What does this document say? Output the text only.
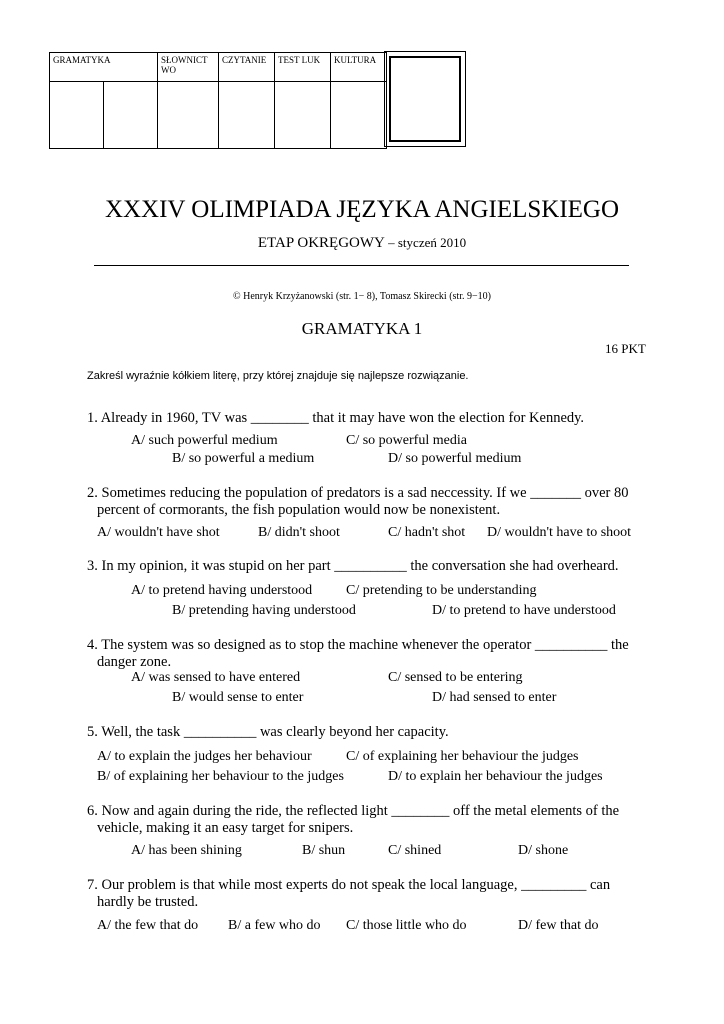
GRAMATYKA		SŁOWNICT WO	CZYTANIE	TEST LUK	KULTURA

XXXIV OLIMPIADA JĘZYKA ANGIELSKIEGO
ETAP OKRĘGOWY – styczeń 2010
© Henryk Krzyżanowski (str. 1− 8), Tomasz Skirecki (str. 9−10)
GRAMATYKA 1
16 PKT
Zakreśl wyraźnie kółkiem literę, przy której znajduje się najlepsze rozwiązanie.
1. Already in 1960, TV was ________ that it may have won the election for Kennedy.
A/ such powerful medium	C/ so powerful media
B/ so powerful a medium	D/ so powerful medium
2. Sometimes reducing the population of predators is a sad neccessity. If we _______ over 80
percent of cormorants, the fish population would now be nonexistent.
A/ wouldn't have shot	B/ didn't shoot	C/ hadn't shot D/ wouldn't have to shoot
3. In my opinion, it was stupid on her part __________ the conversation she had overheard.
A/ to pretend having understood C/ pretending to be understanding
B/ pretending having understood	D/ to pretend to have understood
4. The system was so designed as to stop the machine whenever the operator __________ the
danger zone.
A/ was sensed to have entered	C/ sensed to be entering
B/ would sense to enter	D/ had sensed to enter
5. Well, the task __________ was clearly beyond her capacity.
A/ to explain the judges her behaviour C/ of explaining her behaviour the judges
B/ of explaining her behaviour to the judges	D/ to explain her behaviour the judges
6. Now and again during the ride, the reflected light ________ off the metal elements of the
vehicle, making it an easy target for snipers.
A/ has been shining	B/ shun	C/ shined	D/ shone
7. Our problem is that while most experts do not speak the local language, _________ can
hardly be trusted.
A/ the few that do B/ a few who do C/ those little who do	D/ few that do
